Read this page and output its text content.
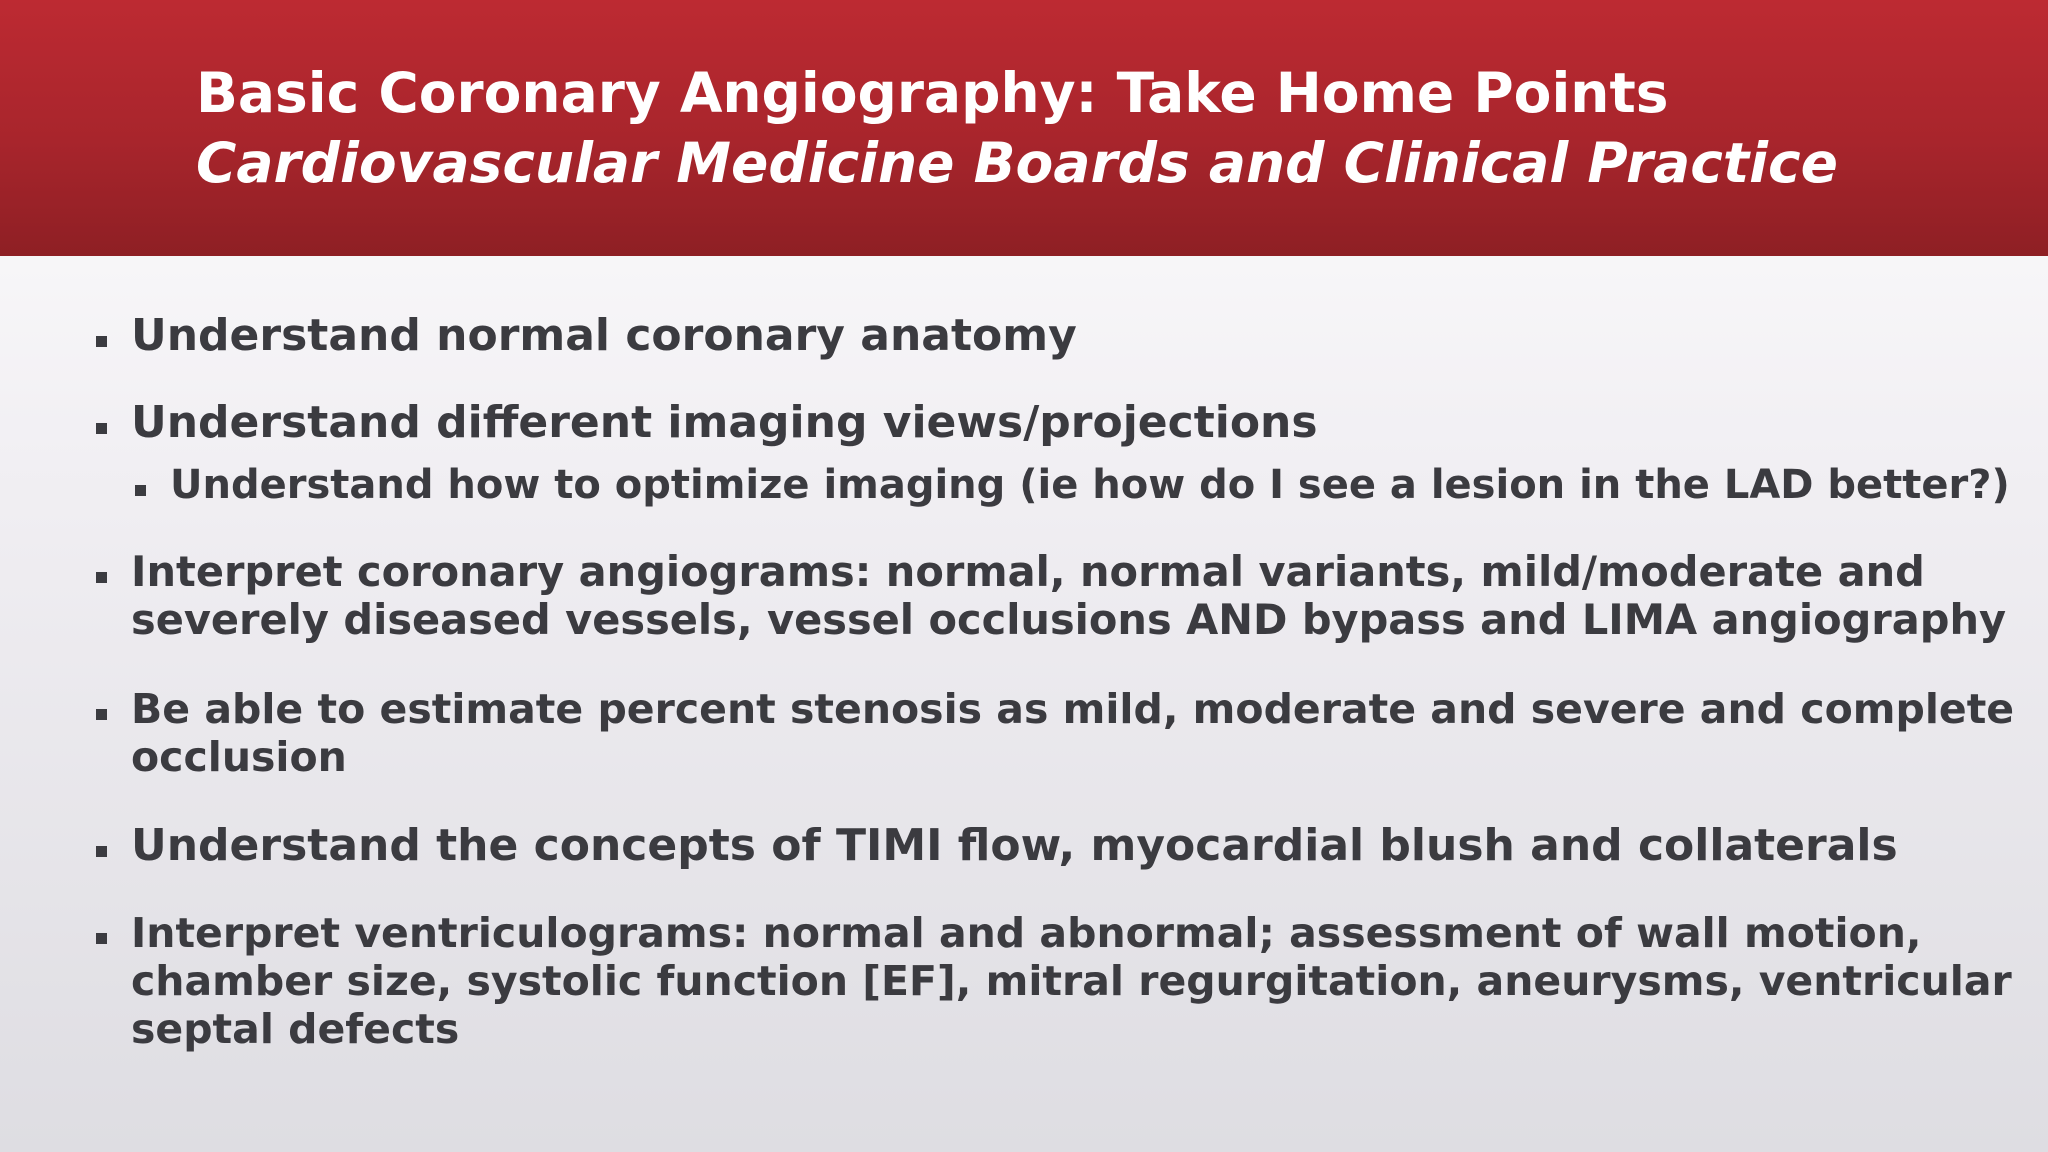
Basic Coronary Angiography: Take Home Points
Cardiovascular Medicine Boards and Clinical Practice
Understand normal coronary anatomy
Understand different imaging views/projections
Understand how to optimize imaging (ie how do I see a lesion in the LAD better?)
Interpret coronary angiograms: normal, normal variants, mild/moderate and
severely diseased vessels, vessel occlusions AND bypass and LIMA angiography
Be able to estimate percent stenosis as mild, moderate and severe and complete
occlusion
Understand the concepts of TIMI flow, myocardial blush and collaterals
Interpret ventriculograms: normal and abnormal; assessment of wall motion,
chamber size, systolic function [EF], mitral regurgitation, aneurysms, ventricular
septal defects
